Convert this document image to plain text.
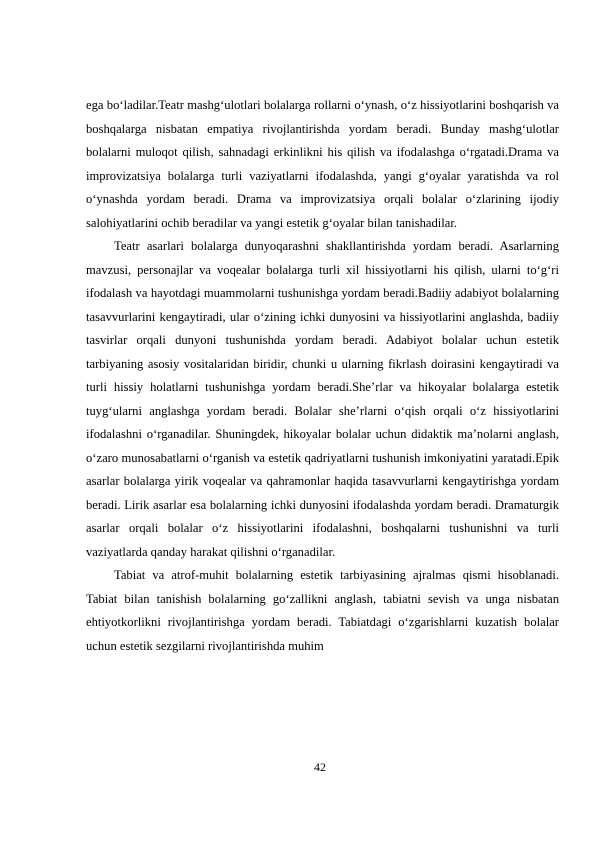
ega bo‘ladilar.Teatr mashg‘ulotlari bolalarga rollarni o‘ynash, o‘z hissiyotlarini boshqarish va boshqalarga nisbatan empatiya rivojlantirishda yordam beradi. Bunday mashg‘ulotlar bolalarni muloqot qilish, sahnadagi erkinlikni his qilish va ifodalashga o‘rgatadi.Drama va improvizatsiya bolalarga turli vaziyatlarni ifodalashda, yangi g‘oyalar yaratishda va rol o‘ynashda yordam beradi. Drama va improvizatsiya orqali bolalar o‘zlarining ijodiy salohiyatlarini ochib beradilar va yangi estetik g‘oyalar bilan tanishadilar.

Teatr asarlari bolalarga dunyoqarashni shakllantirishda yordam beradi. Asarlarning mavzusi, personajlar va voqealar bolalarga turli xil hissiyotlarni his qilish, ularni to‘g‘ri ifodalash va hayotdagi muammolarni tushunishga yordam beradi.Badiiy adabiyot bolalarning tasavvurlarini kengaytiradi, ular o‘zining ichki dunyosini va hissiyotlarini anglashda, badiiy tasvirlar orqali dunyoni tushunishda yordam beradi. Adabiyot bolalar uchun estetik tarbiyaning asosiy vositalaridan biridir, chunki u ularning fikrlash doirasini kengaytiradi va turli hissiy holatlarni tushunishga yordam beradi.She’rlar va hikoyalar bolalarga estetik tuyg‘ularni anglashga yordam beradi. Bolalar she’rlarni o‘qish orqali o‘z hissiyotlarini ifodalashni o‘rganadilar. Shuningdek, hikoyalar bolalar uchun didaktik ma’nolarni anglash, o‘zaro munosabatlarni o‘rganish va estetik qadriyatlarni tushunish imkoniyatini yaratadi.Epik asarlar bolalarga yirik voqealar va qahramonlar haqida tasavvurlarni kengaytirishga yordam beradi. Lirik asarlar esa bolalarning ichki dunyosini ifodalashda yordam beradi. Dramaturgik asarlar orqali bolalar o‘z hissiyotlarini ifodalashni, boshqalarni tushunishni va turli vaziyatlarda qanday harakat qilishni o‘rganadilar.

Tabiat va atrof-muhit bolalarning estetik tarbiyasining ajralmas qismi hisoblanadi. Tabiat bilan tanishish bolalarning go‘zallikni anglash, tabiatni sevish va unga nisbatan ehtiyotkorlikni rivojlantirishga yordam beradi. Tabiatdagi o‘zgarishlarni kuzatish bolalar uchun estetik sezgilarni rivojlantirishda muhim

42
